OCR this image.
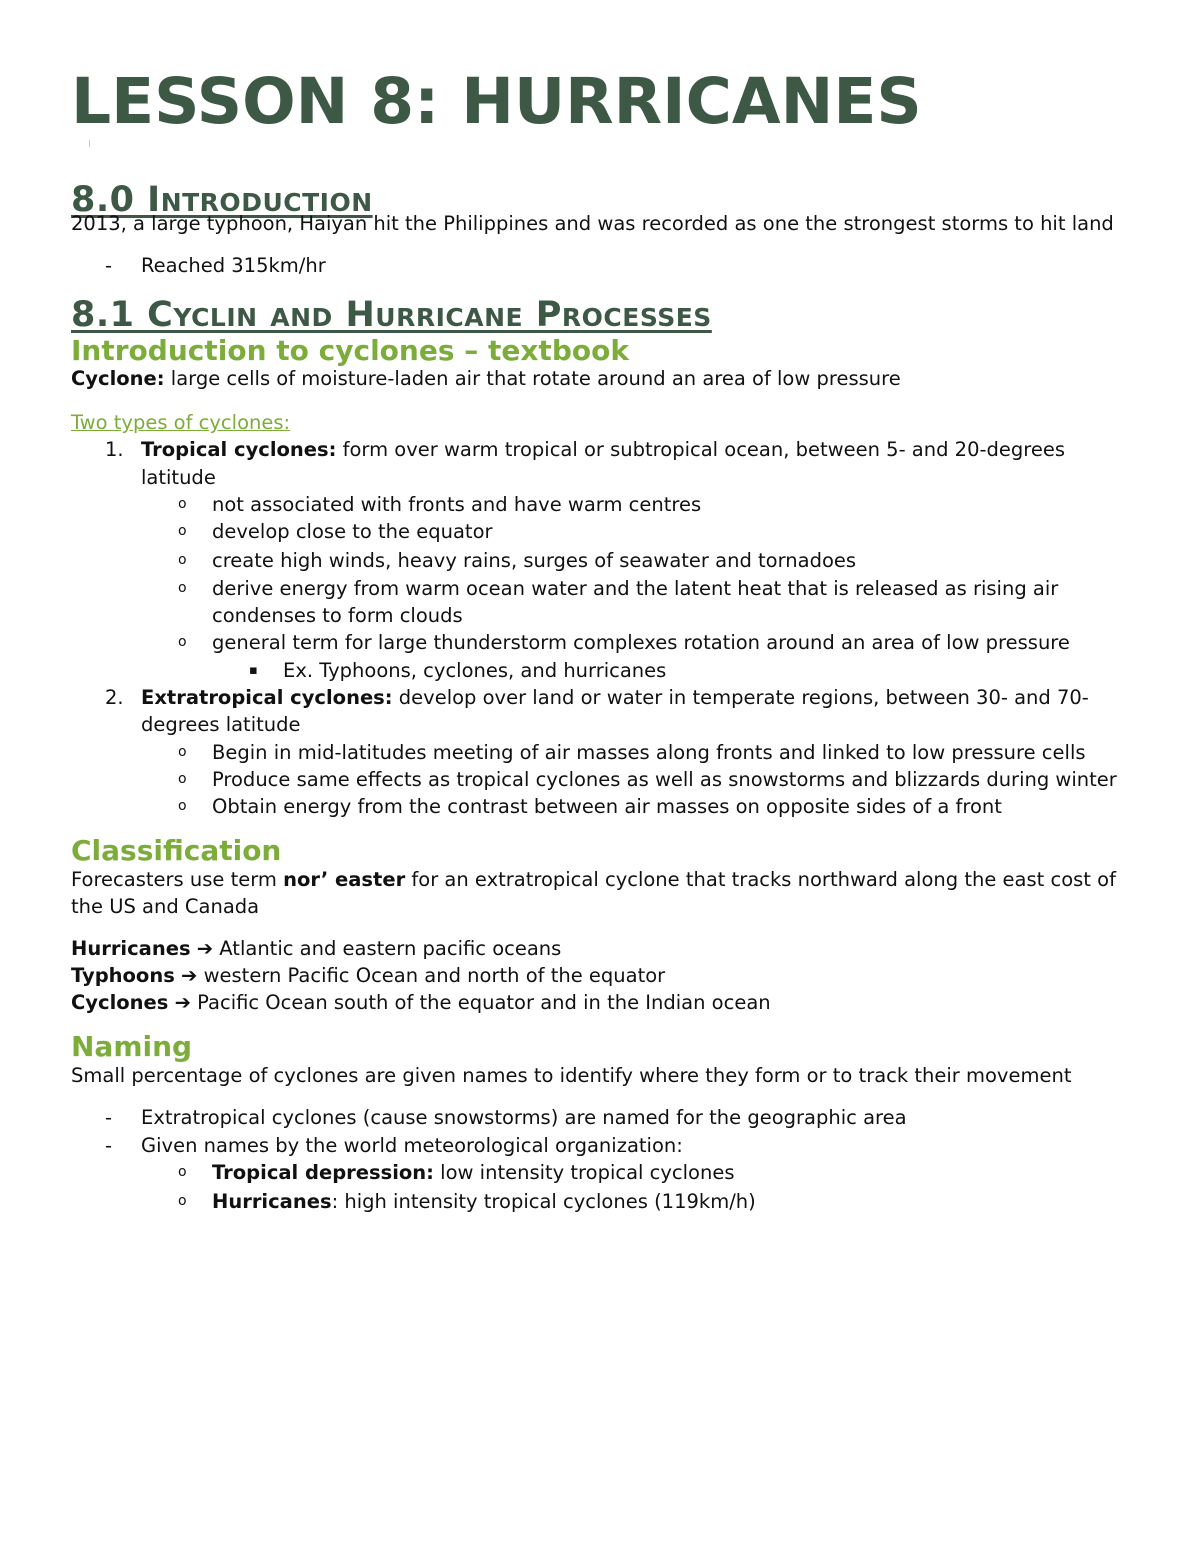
LESSON 8: HURRICANES
8.0 Introduction

2013, a large typhoon, Haiyan hit the Philippines and was recorded as one the strongest storms to hit land

- Reached 315km/hr
8.1 Cyclin and Hurricane Processes
Introduction to cyclones – textbook

Cyclone: large cells of moisture-laden air that rotate around an area of low pressure

Two types of cyclones:

1. Tropical cyclones: form over warm tropical or subtropical ocean, between 5- and 20-degrees latitude
o not associated with fronts and have warm centres
o develop close to the equator
o create high winds, heavy rains, surges of seawater and tornadoes
o derive energy from warm ocean water and the latent heat that is released as rising air condenses to form clouds
o general term for large thunderstorm complexes rotation around an area of low pressure
▪ Ex. Typhoons, cyclones, and hurricanes
2. Extratropical cyclones: develop over land or water in temperate regions, between 30- and 70-degrees latitude
o Begin in mid-latitudes meeting of air masses along fronts and linked to low pressure cells
o Produce same effects as tropical cyclones as well as snowstorms and blizzards during winter
o Obtain energy from the contrast between air masses on opposite sides of a front
Classification

Forecasters use term nor’ easter for an extratropical cyclone that tracks northward along the east cost of the US and Canada

Hurricanes ➔ Atlantic and eastern pacific oceans

Typhoons ➔ western Pacific Ocean and north of the equator

Cyclones ➔ Pacific Ocean south of the equator and in the Indian ocean

Naming

Small percentage of cyclones are given names to identify where they form or to track their movement

- Extratropical cyclones (cause snowstorms) are named for the geographic area
- Given names by the world meteorological organization:
o Tropical depression: low intensity tropical cyclones
o Hurricanes: high intensity tropical cyclones (119km/h)
